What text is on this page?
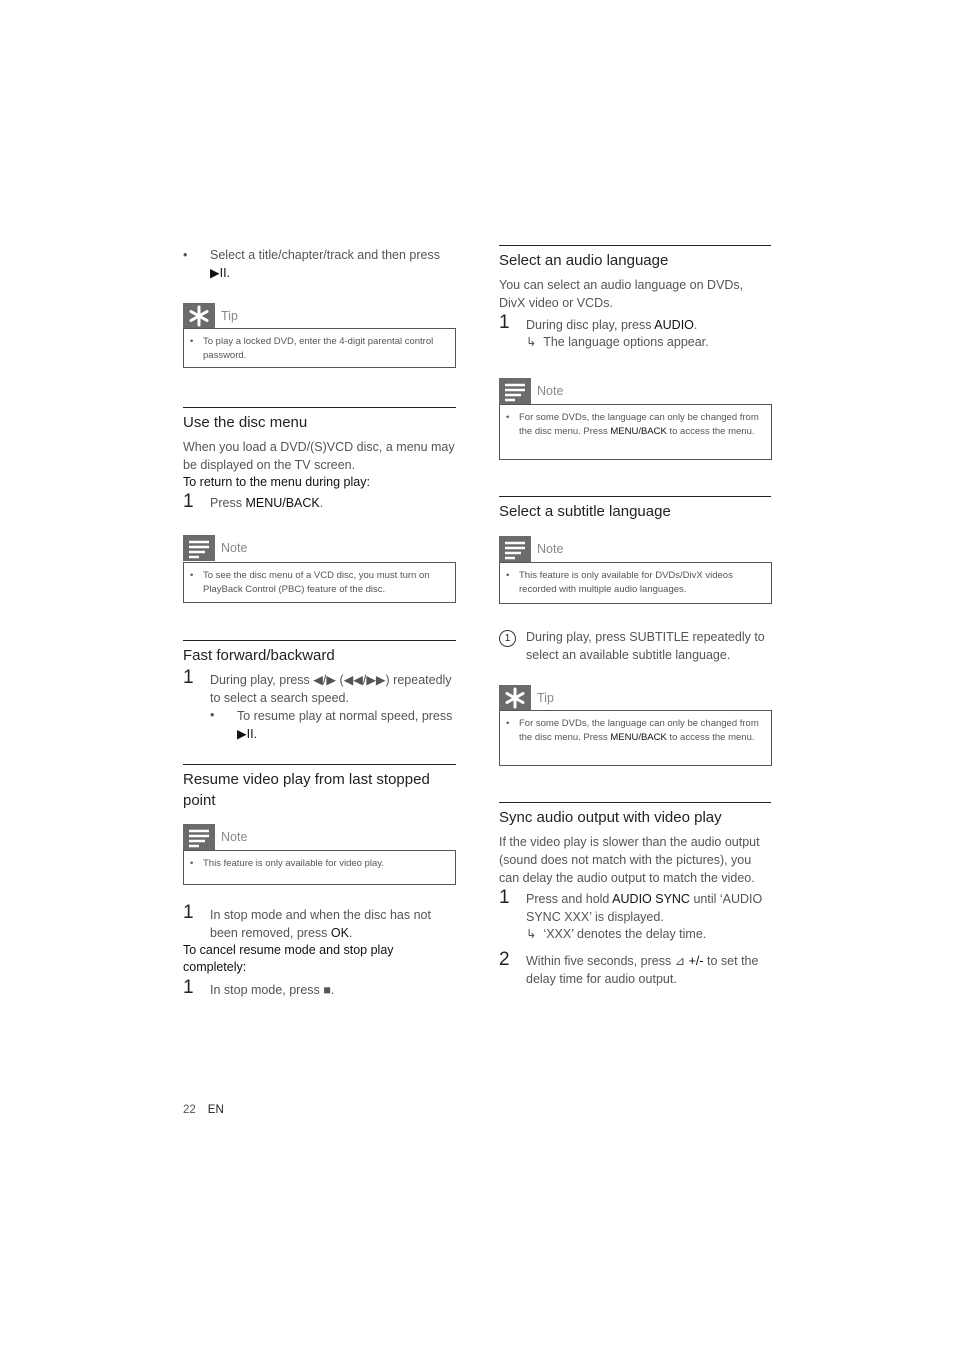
• Select a title/chapter/track and then press
▶II.
Tip
• To play a locked DVD, enter the 4-digit parental control password.
Use the disc menu
When you load a DVD/(S)VCD disc, a menu may be displayed on the TV screen.
To return to the menu during play:
1 Press MENU/BACK.
Note
• To see the disc menu of a VCD disc, you must turn on PlayBack Control (PBC) feature of the disc.
Fast forward/backward
1 During play, press ◀/▶ (◀◀/▶▶) repeatedly to select a search speed.
• To resume play at normal speed, press
▶II.
Resume video play from last stopped point
Note
• This feature is only available for video play.
1 In stop mode and when the disc has not been removed, press OK.
To cancel resume mode and stop play completely:
1 In stop mode, press ■.
Select an audio language
You can select an audio language on DVDs, DivX video or VCDs.
1 During disc play, press AUDIO.
↳ The language options appear.
Note
• For some DVDs, the language can only be changed from the disc menu. Press MENU/BACK to access the menu.
Select a subtitle language
Note
• This feature is only available for DVDs/DivX videos recorded with multiple audio languages.
1	During play, press SUBTITLE repeatedly to select an available subtitle language.
Tip
• For some DVDs, the language can only be changed from the disc menu. Press MENU/BACK to access the menu.
Sync audio output with video play
If the video play is slower than the audio output (sound does not match with the pictures), you can delay the audio output to match the video.
1 Press and hold AUDIO SYNC until ‘AUDIO SYNC XXX’ is displayed.
↳ ‘XXX’ denotes the delay time.
2 Within five seconds, press ⊿ +/- to set the delay time for audio output.
22 EN
